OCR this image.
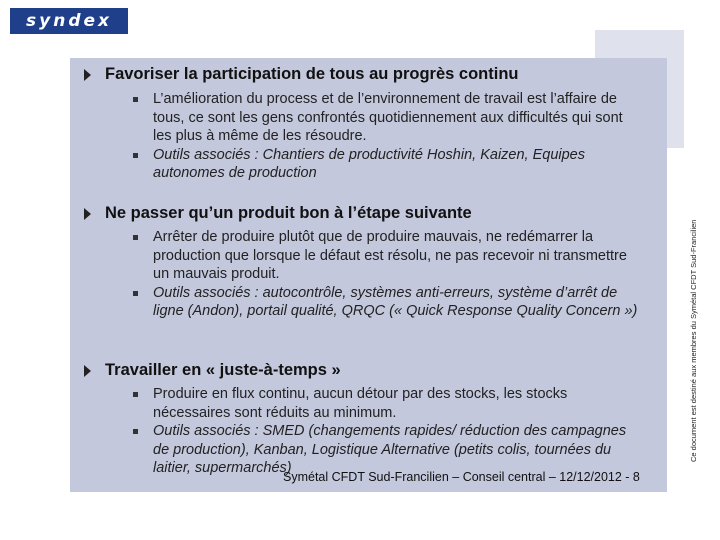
syndex
Favoriser la participation de tous au progrès continu
L’amélioration du process et de l’environnement de travail est l’affaire de tous, ce sont les gens confrontés quotidiennement aux difficultés qui sont les plus à même de les résoudre.
Outils associés : Chantiers de productivité Hoshin, Kaizen, Equipes autonomes de production
Ne passer qu’un produit bon à l’étape suivante
Arrêter de produire plutôt que de produire mauvais, ne redémarrer la production que lorsque le défaut est résolu, ne pas recevoir ni transmettre un mauvais produit.
Outils associés : autocontrôle, systèmes anti-erreurs, système d’arrêt de ligne (Andon), portail qualité, QRQC (« Quick Response Quality Concern »)
Travailler en « juste-à-temps »
Produire en flux continu, aucun détour par des stocks, les stocks nécessaires sont réduits au minimum.
Outils associés : SMED (changements rapides/ réduction des campagnes de production), Kanban, Logistique Alternative (petits colis, tournées du laitier, supermarchés)
Ce document est destiné aux membres du Symétal CFDT Sud-Francilien
Symétal CFDT Sud-Francilien – Conseil central – 12/12/2012 - 8
